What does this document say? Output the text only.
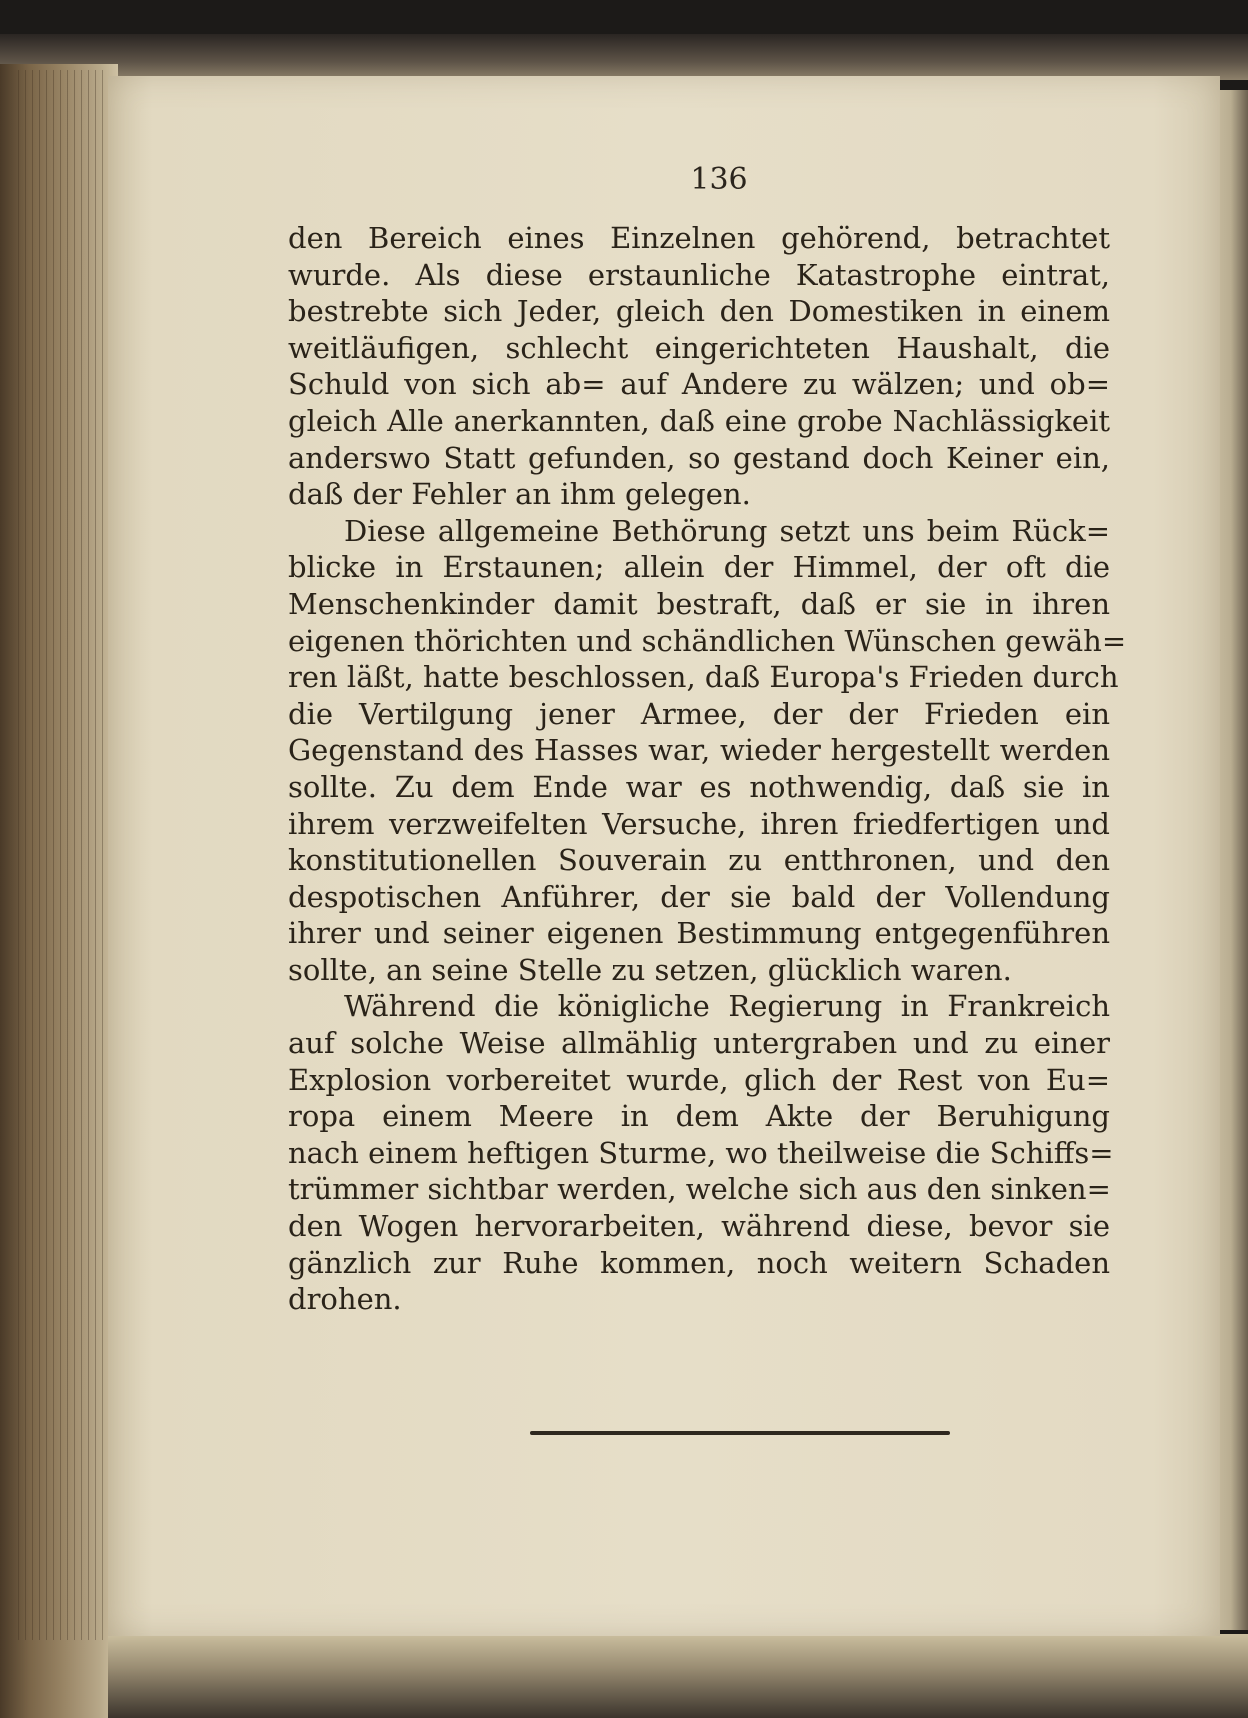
136

den Bereich eines Einzelnen gehörend, betrachtet
wurde. Als diese erstaunliche Katastrophe eintrat,
bestrebte sich Jeder, gleich den Domestiken in einem
weitläufigen, schlecht eingerichteten Haushalt, die
Schuld von sich ab= auf Andere zu wälzen; und ob=
gleich Alle anerkannten, daß eine grobe Nachlässigkeit
anderswo Statt gefunden, so gestand doch Keiner ein,
daß der Fehler an ihm gelegen.
Diese allgemeine Bethörung setzt uns beim Rück=
blicke in Erstaunen; allein der Himmel, der oft die
Menschenkinder damit bestraft, daß er sie in ihren
eigenen thörichten und schändlichen Wünschen gewäh=
ren läßt, hatte beschlossen, daß Europa's Frieden durch
die Vertilgung jener Armee, der der Frieden ein
Gegenstand des Hasses war, wieder hergestellt werden
sollte. Zu dem Ende war es nothwendig, daß sie in
ihrem verzweifelten Versuche, ihren friedfertigen und
konstitutionellen Souverain zu entthronen, und den
despotischen Anführer, der sie bald der Vollendung
ihrer und seiner eigenen Bestimmung entgegenführen
sollte, an seine Stelle zu setzen, glücklich waren.
Während die königliche Regierung in Frankreich
auf solche Weise allmählig untergraben und zu einer
Explosion vorbereitet wurde, glich der Rest von Eu=
ropa einem Meere in dem Akte der Beruhigung
nach einem heftigen Sturme, wo theilweise die Schiffs=
trümmer sichtbar werden, welche sich aus den sinken=
den Wogen hervorarbeiten, während diese, bevor sie
gänzlich zur Ruhe kommen, noch weitern Schaden
drohen.
